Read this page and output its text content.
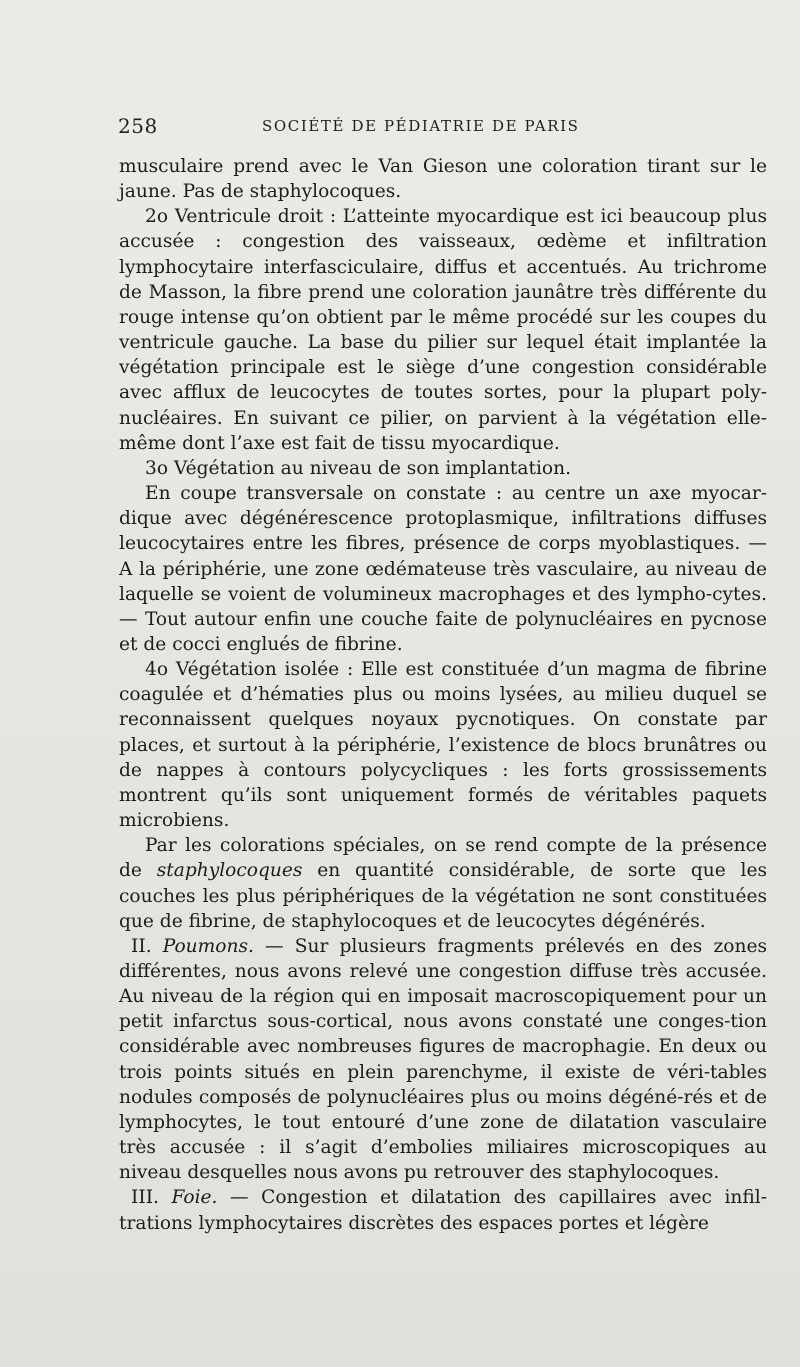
258	SOCIÉTÉ DE PÉDIATRIE DE PARIS

musculaire prend avec le Van Gieson une coloration tirant sur le jaune. Pas de staphylocoques.

2o Ventricule droit : L’atteinte myocardique est ici beaucoup plus accusée : congestion des vaisseaux, œdème et infiltration lymphocytaire interfasciculaire, diffus et accentués. Au trichrome de Masson, la fibre prend une coloration jaunâtre très différente du rouge intense qu’on obtient par le même procédé sur les coupes du ventricule gauche. La base du pilier sur lequel était implantée la végétation principale est le siège d’une congestion considérable avec afflux de leucocytes de toutes sortes, pour la plupart poly-nucléaires. En suivant ce pilier, on parvient à la végétation elle-même dont l’axe est fait de tissu myocardique.

3o Végétation au niveau de son implantation.

En coupe transversale on constate : au centre un axe myocar-dique avec dégénérescence protoplasmique, infiltrations diffuses leucocytaires entre les fibres, présence de corps myoblastiques. — A la périphérie, une zone œdémateuse très vasculaire, au niveau de laquelle se voient de volumineux macrophages et des lympho-cytes. — Tout autour enfin une couche faite de polynucléaires en pycnose et de cocci englués de fibrine.

4o Végétation isolée : Elle est constituée d’un magma de fibrine coagulée et d’hématies plus ou moins lysées, au milieu duquel se reconnaissent quelques noyaux pycnotiques. On constate par places, et surtout à la périphérie, l’existence de blocs brunâtres ou de nappes à contours polycycliques : les forts grossissements montrent qu’ils sont uniquement formés de véritables paquets microbiens.

Par les colorations spéciales, on se rend compte de la présence de staphylocoques en quantité considérable, de sorte que les couches les plus périphériques de la végétation ne sont constituées que de fibrine, de staphylocoques et de leucocytes dégénérés.

II. Poumons. — Sur plusieurs fragments prélevés en des zones différentes, nous avons relevé une congestion diffuse très accusée. Au niveau de la région qui en imposait macroscopiquement pour un petit infarctus sous-cortical, nous avons constaté une conges-tion considérable avec nombreuses figures de macrophagie. En deux ou trois points situés en plein parenchyme, il existe de véri-tables nodules composés de polynucléaires plus ou moins dégéné-rés et de lymphocytes, le tout entouré d’une zone de dilatation vasculaire très accusée : il s’agit d’embolies miliaires microscopiques au niveau desquelles nous avons pu retrouver des staphylocoques.

III. Foie. — Congestion et dilatation des capillaires avec infil-trations lymphocytaires discrètes des espaces portes et légère
